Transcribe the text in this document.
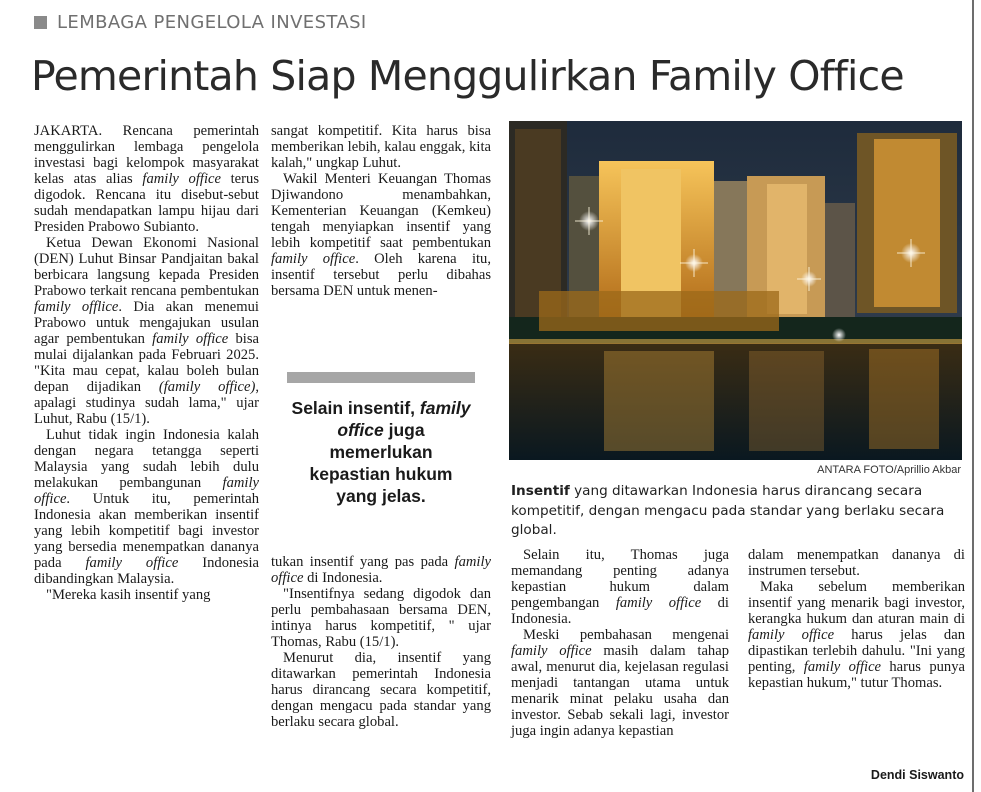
LEMBAGA PENGELOLA INVESTASI
Pemerintah Siap Menggulirkan Family Office

JAKARTA. Rencana pemerintah menggulirkan lembaga pengelola investasi bagi kelompok masyarakat kelas atas alias family office terus digodok. Rencana itu disebut-sebut sudah mendapatkan lampu hijau dari Presiden Prabowo Subianto.

Ketua Dewan Ekonomi Nasional (DEN) Luhut Binsar Pandjaitan bakal berbicara langsung kepada Presiden Prabowo terkait rencana pembentukan family offlice. Dia akan menemui Prabowo untuk mengajukan usulan agar pembentukan family office bisa mulai dijalankan pada Februari 2025. "Kita mau cepat, kalau boleh bulan depan dijadikan (family office), apalagi studinya sudah lama," ujar Luhut, Rabu (15/1).

Luhut tidak ingin Indonesia kalah dengan negara tetangga seperti Malaysia yang sudah lebih dulu melakukan pembangunan family office. Untuk itu, pemerintah Indonesia akan memberikan insentif yang lebih kompetitif bagi investor yang bersedia menempatkan dananya pada family office Indonesia dibandingkan Malaysia.

"Mereka kasih insentif yang

sangat kompetitif. Kita harus bisa memberikan lebih, kalau enggak, kita kalah," ungkap Luhut.

Wakil Menteri Keuangan Thomas Djiwandono menambahkan, Kementerian Keuangan (Kemkeu) tengah menyiapkan insentif yang lebih kompetitif saat pembentukan family office. Oleh karena itu, insentif tersebut perlu dibahas bersama DEN untuk menen-

Selain insentif, family office juga memerlukan kepastian hukum yang jelas.

tukan insentif yang pas pada family office di Indonesia.

"Insentifnya sedang digodok dan perlu pembahasaan bersama DEN, intinya harus kompetitif, " ujar Thomas, Rabu (15/1).

Menurut dia, insentif yang ditawarkan pemerintah Indonesia harus dirancang secara kompetitif, dengan mengacu pada standar yang berlaku secara global.

ANTARA FOTO/Aprillio Akbar
Insentif yang ditawarkan Indonesia harus dirancang secara kompetitif, dengan mengacu pada standar yang berlaku secara global.

Selain itu, Thomas juga memandang penting adanya kepastian hukum dalam pengembangan family office di Indonesia.

Meski pembahasan mengenai family office masih dalam tahap awal, menurut dia, kejelasan regulasi menjadi tantangan utama untuk menarik minat pelaku usaha dan investor. Sebab sekali lagi, investor juga ingin adanya kepastian

dalam menempatkan dananya di instrumen tersebut.

Maka sebelum memberikan insentif yang menarik bagi investor, kerangka hukum dan aturan main di family office harus jelas dan dipastikan terlebih dahulu. "Ini yang penting, family office harus punya kepastian hukum," tutur Thomas.

Dendi Siswanto
